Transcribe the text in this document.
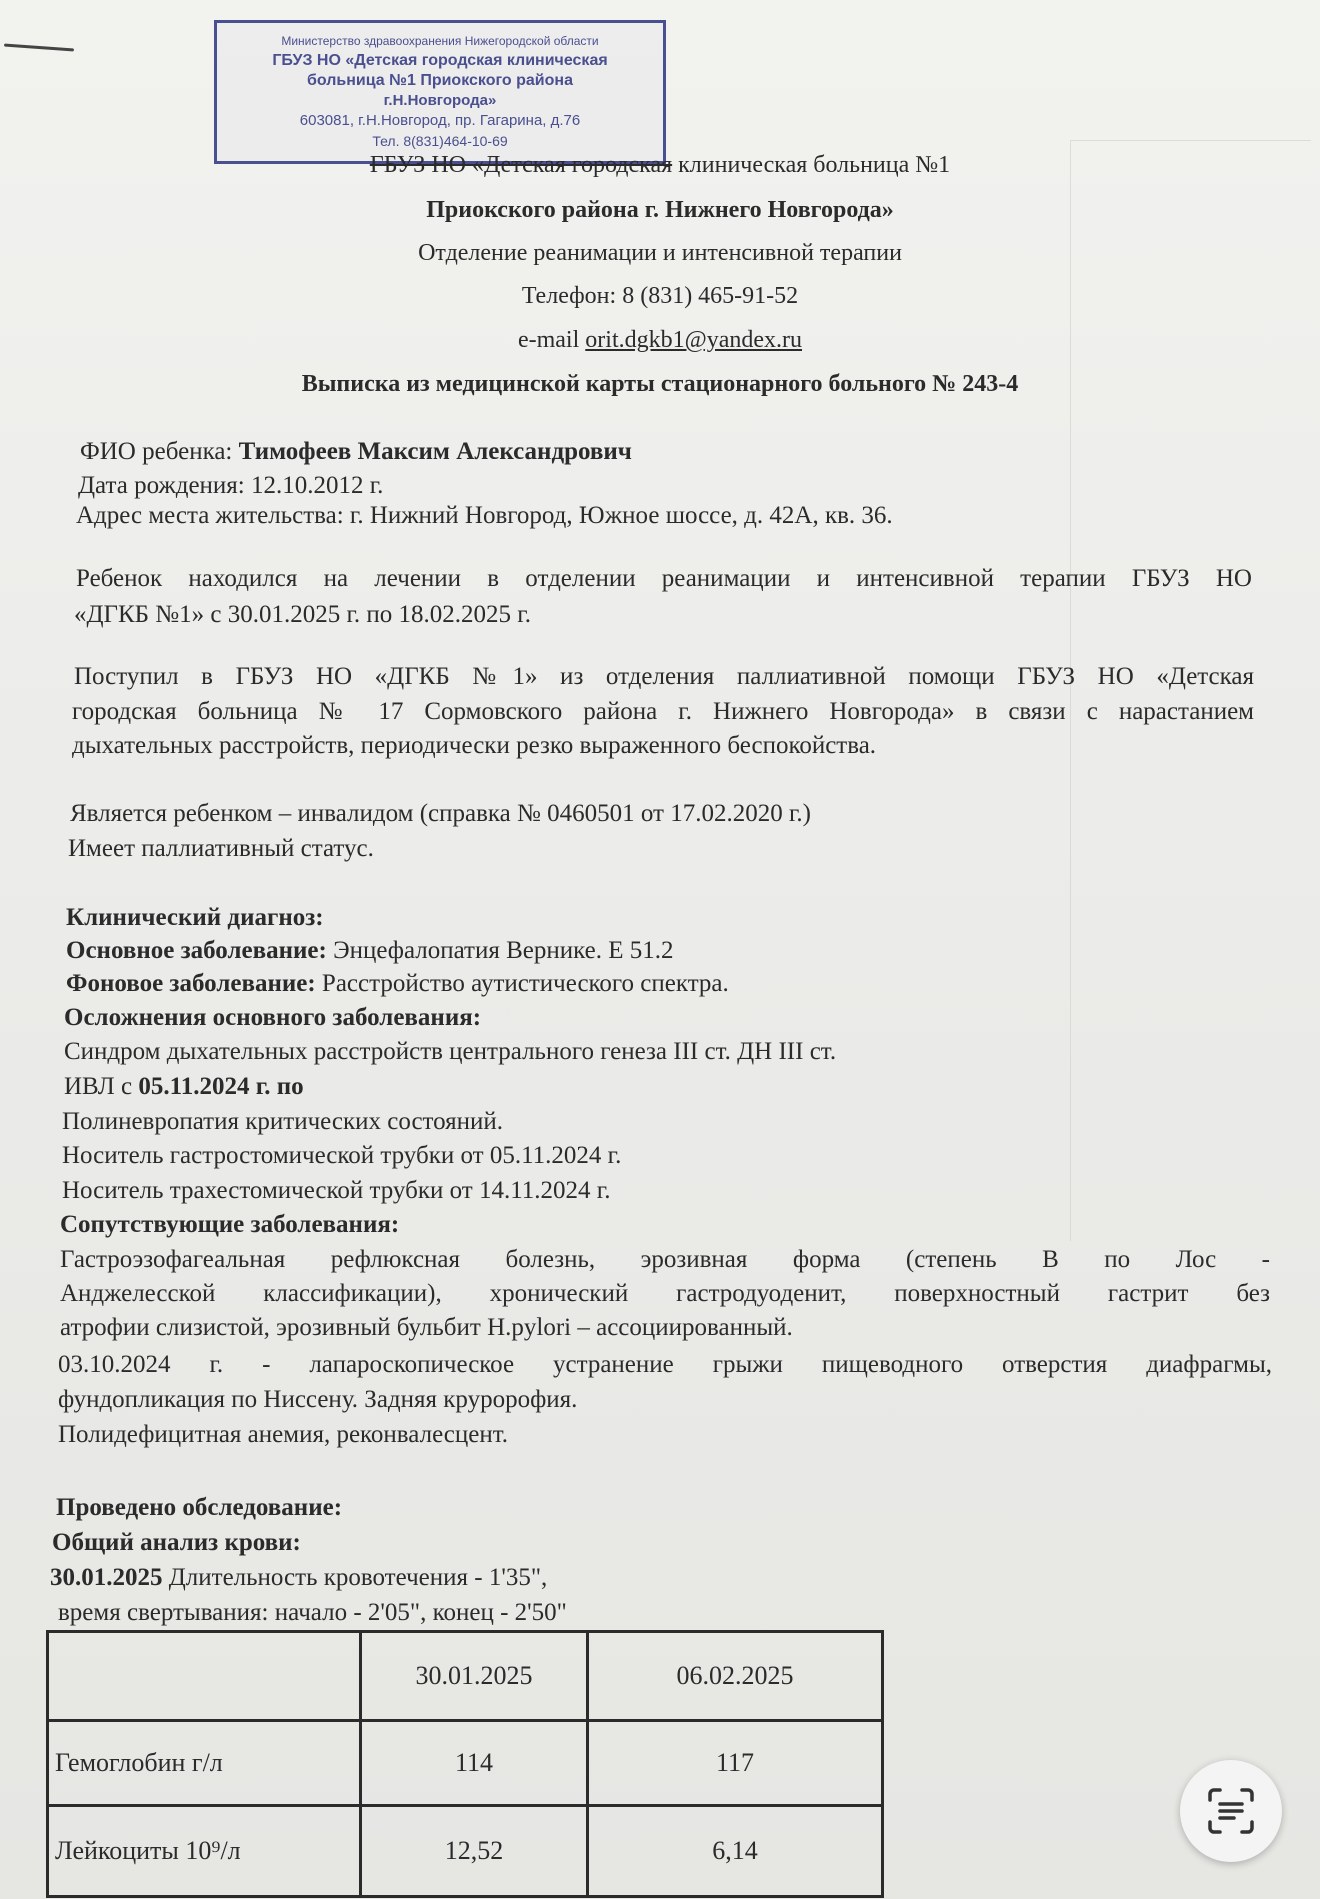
Министерство здравоохранения Нижегородской области
ГБУЗ НО «Детская городская клиническая
больница №1 Приокского района
г.Н.Новгорода»
603081, г.Н.Новгород, пр. Гагарина, д.76
Тел. 8(831)464-10-69
ГБУЗ НО «Детская городская клиническая больница №1
Приокского района г. Нижнего Новгорода»
Отделение реанимации и интенсивной терапии
Телефон: 8 (831) 465-91-52
e-mail orit.dgkb1@yandex.ru
Выписка из медицинской карты стационарного больного № 243-4
ФИО ребенка: Тимофеев Максим Александрович
Дата рождения: 12.10.2012 г.
Адрес места жительства: г. Нижний Новгород, Южное шоссе, д. 42А, кв. 36.
Ребенок находился на лечении в отделении реанимации и интенсивной терапии ГБУЗ НО
«ДГКБ №1» с 30.01.2025 г. по 18.02.2025 г.
Поступил в ГБУЗ НО «ДГКБ №1» из отделения паллиативной помощи ГБУЗ НО «Детская
городская больница № 17 Сормовского района г. Нижнего Новгорода» в связи с нарастанием
дыхательных расстройств, периодически резко выраженного беспокойства.
Является ребенком – инвалидом (справка № 0460501 от 17.02.2020 г.)
Имеет паллиативный статус.
Клинический диагноз:
Основное заболевание: Энцефалопатия Вернике. Е 51.2
Фоновое заболевание: Расстройство аутистического спектра.
Осложнения основного заболевания:
Синдром дыхательных расстройств центрального генеза III ст. ДН III ст.
ИВЛ с 05.11.2024 г. по
Полиневропатия критических состояний.
Носитель гастростомической трубки от 05.11.2024 г.
Носитель трахестомической трубки от 14.11.2024 г.
Сопутствующие заболевания:
Гастроэзофагеальная рефлюксная болезнь, эрозивная форма (степень В по Лос -
Анджелесской классификации), хронический гастродуоденит, поверхностный гастрит без
атрофии слизистой, эрозивный бульбит H.pylori – ассоциированный.
03.10.2024 г. - лапароскопическое устранение грыжи пищеводного отверстия диафрагмы,
фундопликация по Ниссену. Задняя круророфия.
Полидефицитная анемия, реконвалесцент.
Проведено обследование:
Общий анализ крови:
30.01.2025 Длительность кровотечения - 1'35",
время свертывания: начало - 2'05", конец - 2'50"
	30.01.2025	06.02.2025
Гемоглобин г/л	114	117
Лейкоциты 10⁹/л	12,52	6,14
